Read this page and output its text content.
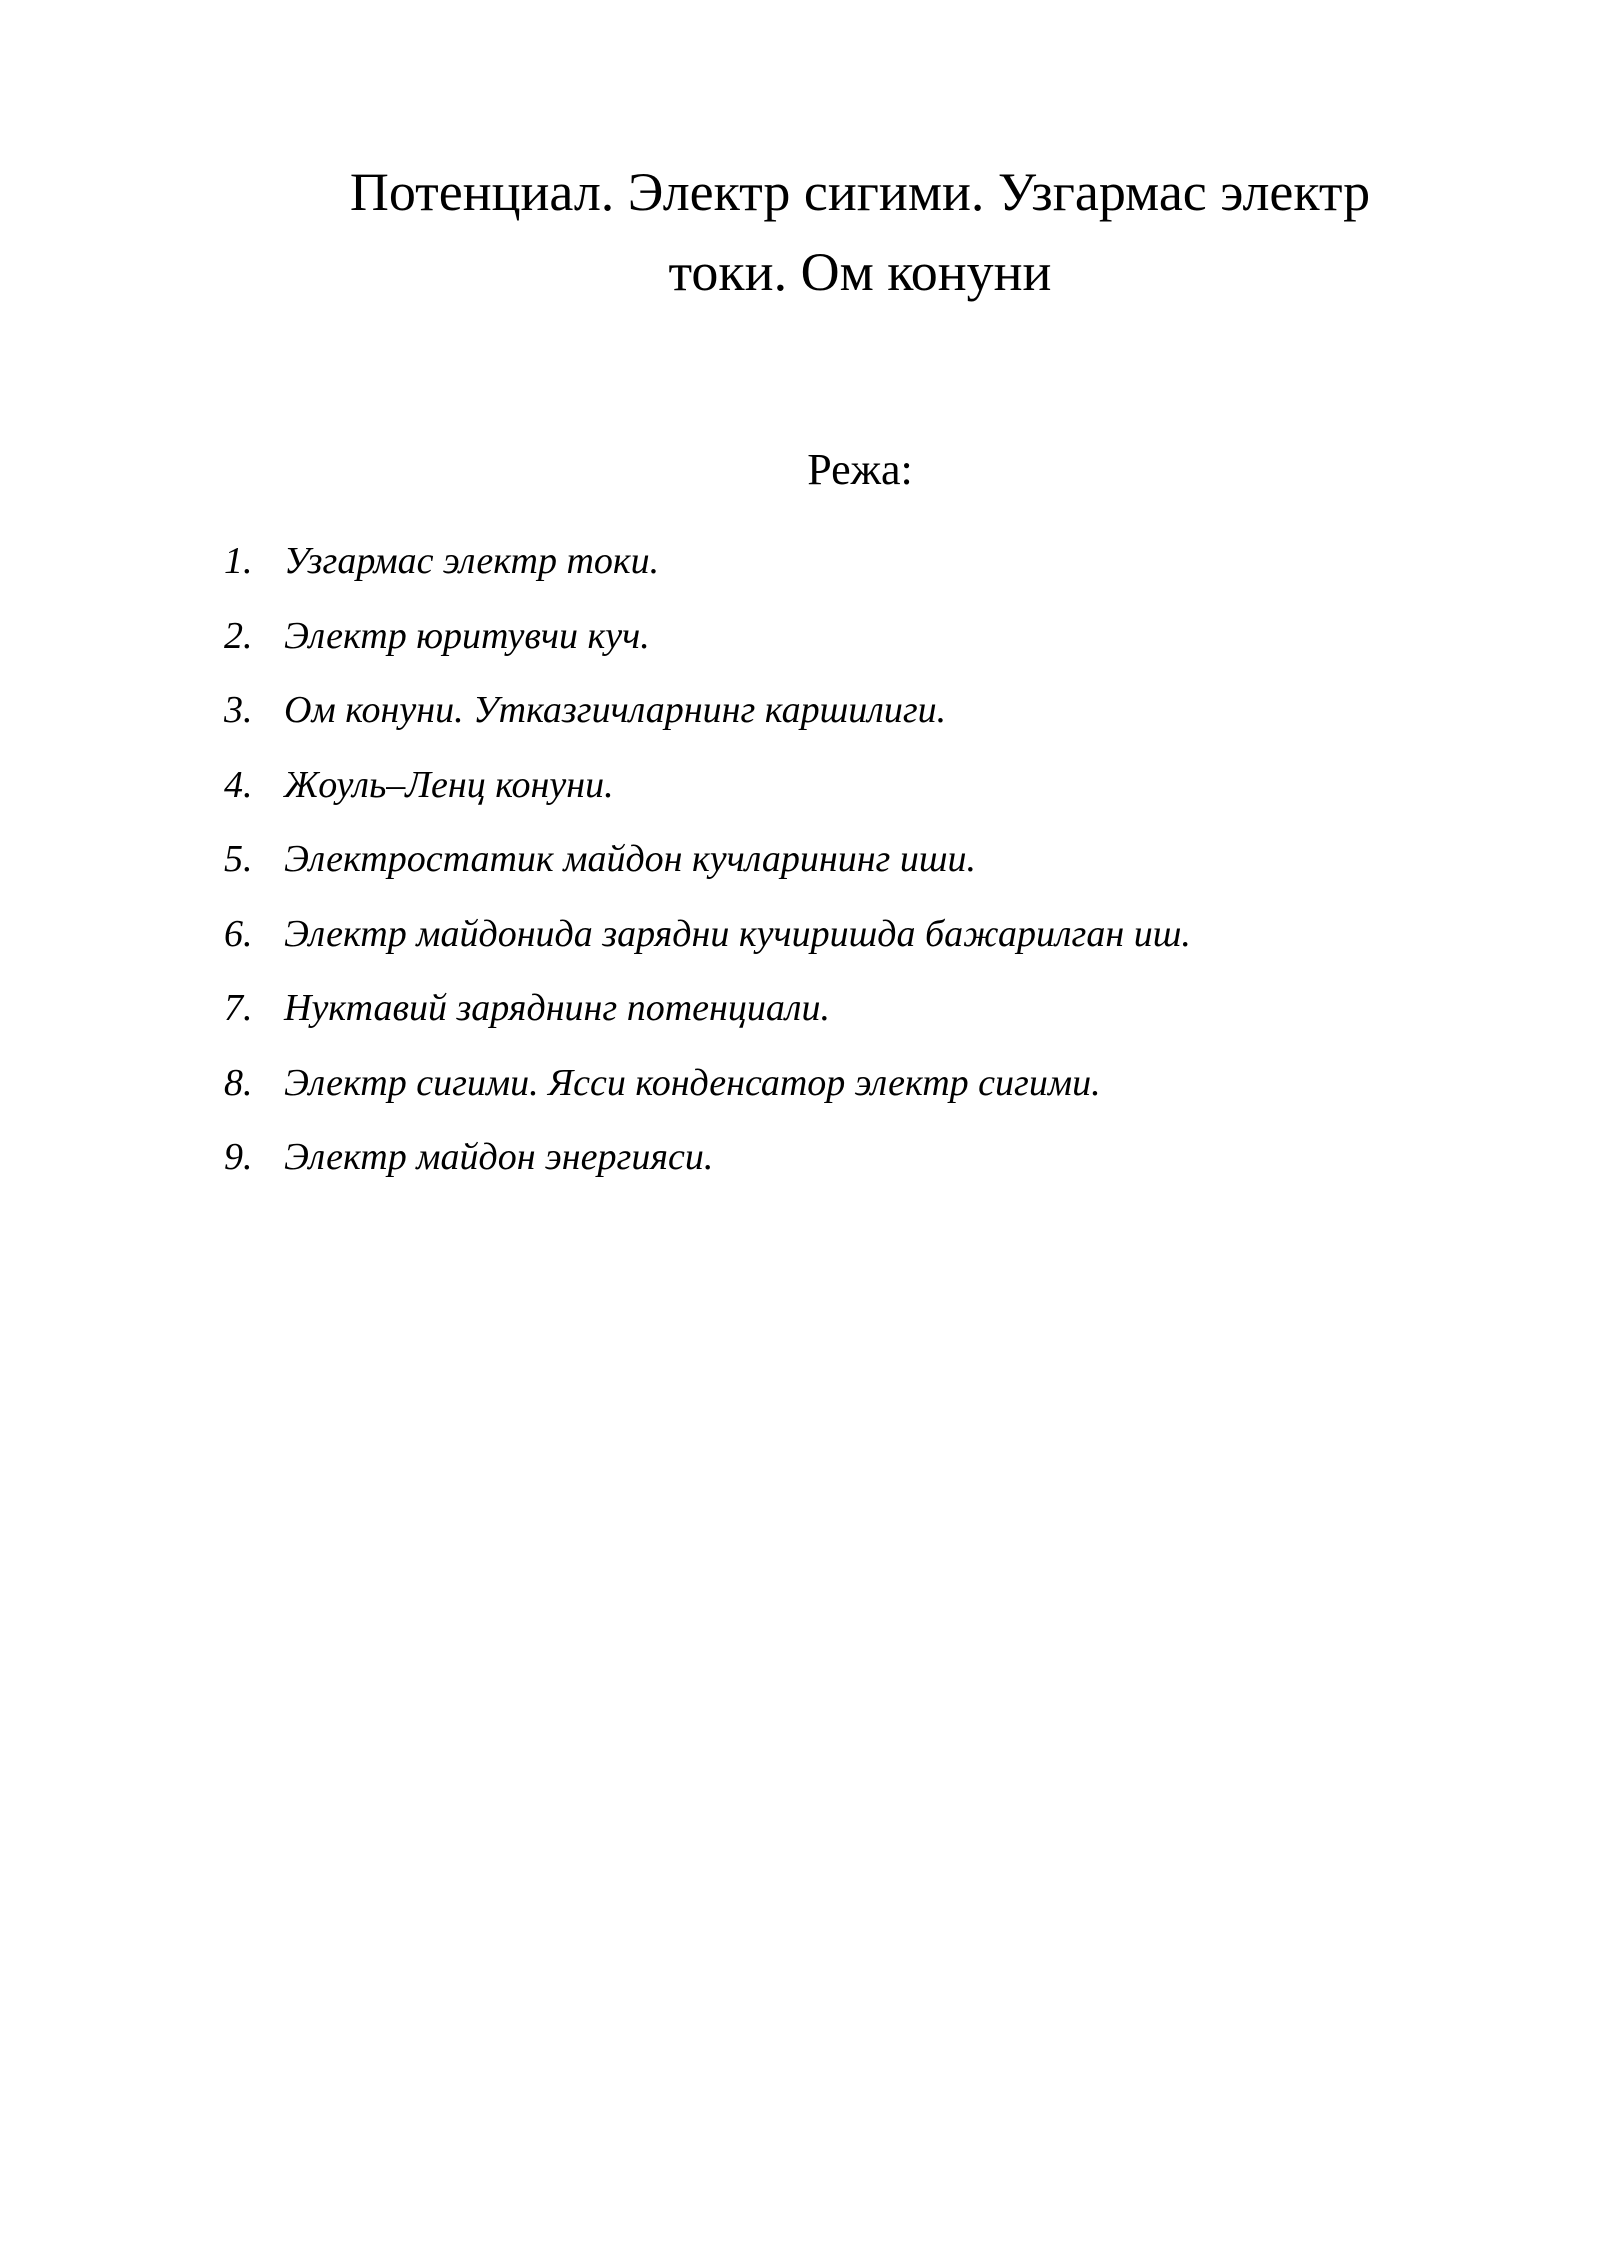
Потенциал. Электр сигими. Узгармас электр
токи. Ом конуни
Режа:
1. Узгармас электр токи.
2. Электр юритувчи куч.
3. Ом конуни. Утказгичларнинг каршилиги.
4. Жоуль–Ленц конуни.
5. Электростатик майдон кучларининг иши.
6. Электр майдонида зарядни кучиришда бажарилган иш.
7. Нуктавий заряднинг потенциали.
8. Электр сигими. Ясси конденсатор электр сигими.
9. Электр майдон энергияси.
